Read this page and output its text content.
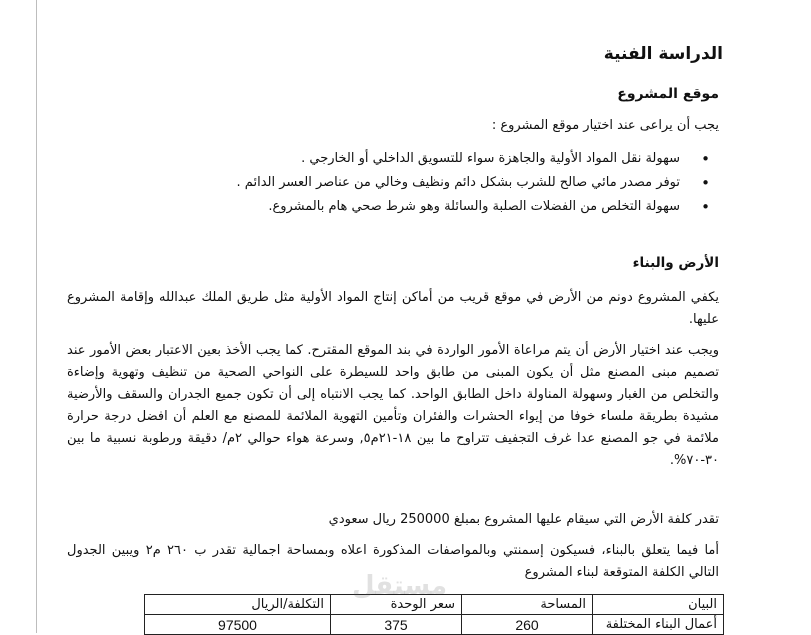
الدراسة الفنية
موقع المشروع
يجب أن يراعى عند اختيار موقع المشروع :
• سهولة نقل المواد الأولية والجاهزة سواء للتسويق الداخلي أو الخارجي .
• توفر مصدر مائي صالح للشرب بشكل دائم ونظيف وخالي من عناصر العسر الدائم .
• سهولة التخلص من الفضلات الصلبة والسائلة وهو شرط صحي هام بالمشروع.
الأرض والبناء
يكفي المشروع دونم من الأرض في موقع قريب من أماكن إنتاج المواد الأولية مثل طريق الملك عبدالله وإقامة المشروع عليها.
ويجب عند اختيار الأرض أن يتم مراعاة الأمور الواردة في بند الموقع المقترح. كما يجب الأخذ بعين الاعتبار بعض الأمور عند تصميم مبنى المصنع مثل أن يكون المبنى من طابق واحد للسيطرة على النواحي الصحية من تنظيف وتهوية وإضاءة والتخلص من الغبار وسهولة المناولة داخل الطابق الواحد. كما يجب الانتباه إلى أن تكون جميع الجدران والسقف والأرضية مشيدة بطريقة ملساء خوفا من إيواء الحشرات والفئران وتأمين التهوية الملائمة للمصنع مع العلم أن افضل درجة حرارة ملائمة في جو المصنع عدا غرف التجفيف تتراوح ما بين ١٨-٢١م٥, وسرعة هواء حوالي ٢م/ دقيقة ورطوبة نسبية ما بين ٣٠-٧٠%.
تقدر كلفة الأرض التي سيقام عليها المشروع بمبلغ 250000 ريال سعودي
أما فيما يتعلق بالبناء، فسيكون إسمنتي وبالمواصفات المذكورة اعلاه وبمساحة اجمالية تقدر ب ٢٦٠ م٢ ويبين الجدول التالي الكلفة المتوقعة لبناء المشروع
البيان	المساحة	سعر الوحدة	التكلفة/الريال
أعمال البناء المختلفة	260	375	97500
مستقل
